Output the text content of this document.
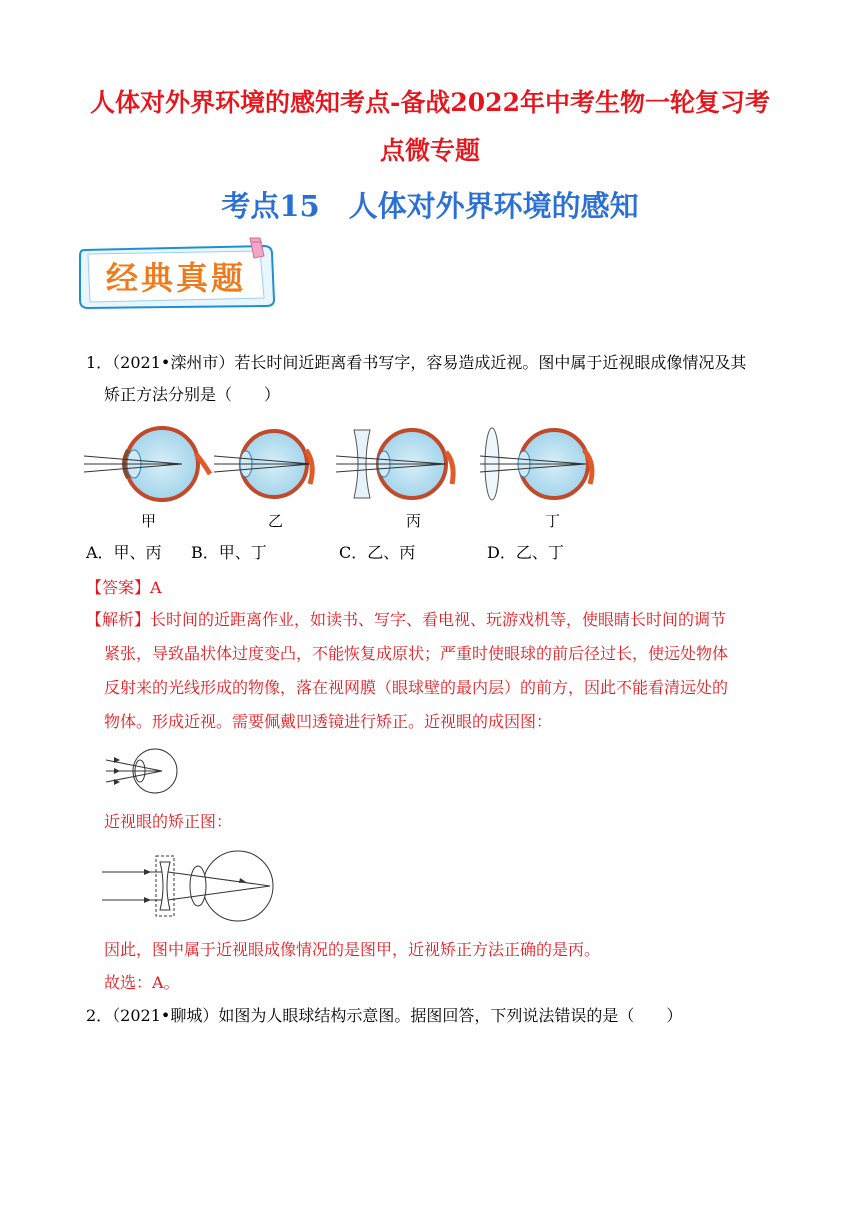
人体对外界环境的感知考点-备战2022年中考生物一轮复习考
点微专题
考点15　人体对外界环境的感知
经典真题
1．（2021•滦州市）若长时间近距离看书写字，容易造成近视。图中属于近视眼成像情况及其
矫正方法分别是（　　）
甲	乙	丙	丁
A．甲、丙 B．甲、丁	C．乙、丙	D．乙、丁
【答案】A
【解析】长时间的近距离作业，如读书、写字、看电视、玩游戏机等，使眼睛长时间的调节
紧张，导致晶状体过度变凸，不能恢复成原状；严重时使眼球的前后径过长，使远处物体
反射来的光线形成的物像，落在视网膜（眼球壁的最内层）的前方，因此不能看清远处的
物体。形成近视。需要佩戴凹透镜进行矫正。近视眼的成因图：
近视眼的矫正图：
因此，图中属于近视眼成像情况的是图甲，近视矫正方法正确的是丙。
故选：A。
2．（2021•聊城）如图为人眼球结构示意图。据图回答，下列说法错误的是（　　）
